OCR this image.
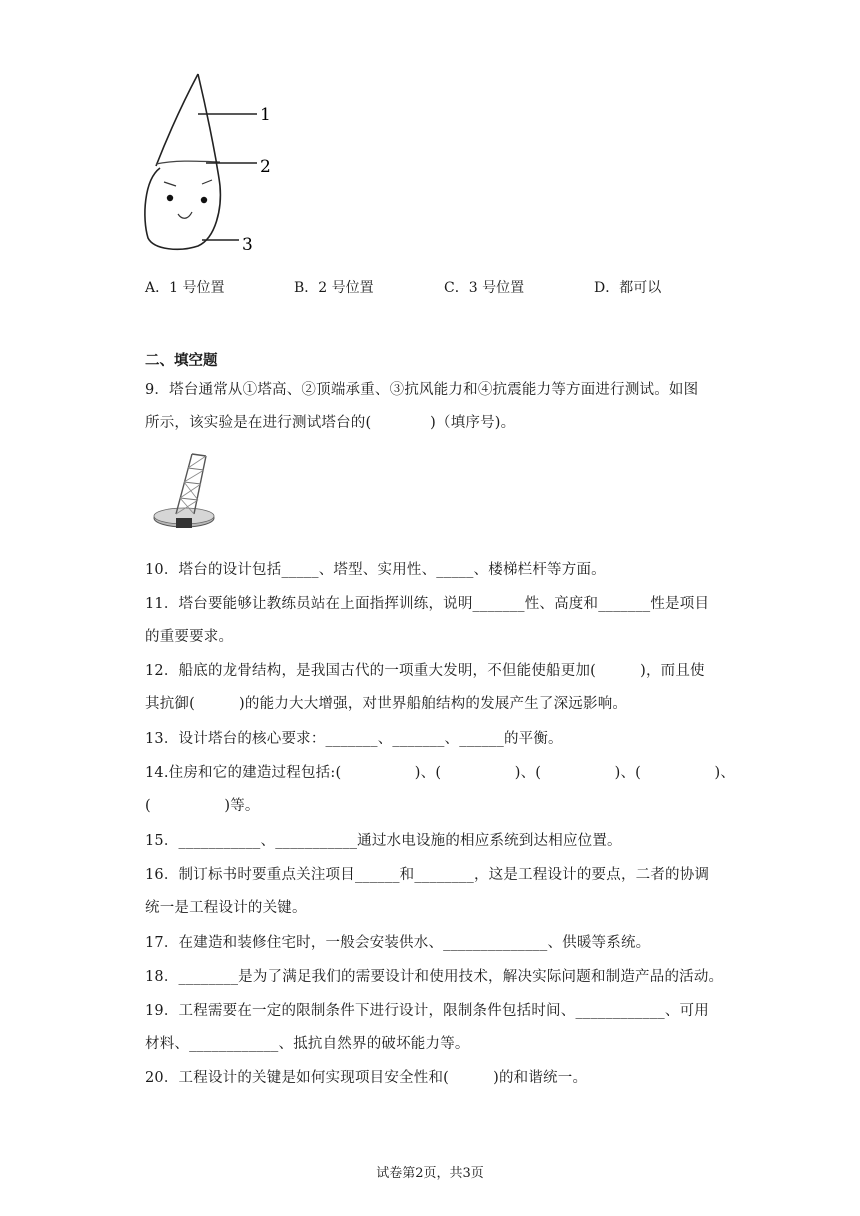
1
2
3
A．1 号位置	B．2 号位置	C．3 号位置	D．都可以
二、填空题
9．塔台通常从①塔高、②顶端承重、③抗风能力和④抗震能力等方面进行测试。如图
所示，该实验是在进行测试塔台的(　　　　)（填序号)。
10．塔台的设计包括_____、塔型、实用性、_____、楼梯栏杆等方面。
11．塔台要能够让教练员站在上面指挥训练，说明_______性、高度和_______性是项目
的重要要求。
12．船底的龙骨结构，是我国古代的一项重大发明，不但能使船更加(　　　)，而且使
其抗御(　　　)的能力大大增强，对世界船舶结构的发展产生了深远影响。
13．设计塔台的核心要求：_______、_______、______的平衡。
14.住房和它的建造过程包括:(　　　　　)、(　　　　　)、(　　　　　)、(　　　　　)、
(　　　　　)等。
15．___________、___________通过水电设施的相应系统到达相应位置。
16．制订标书时要重点关注项目______和________，这是工程设计的要点，二者的协调
统一是工程设计的关键。
17．在建造和装修住宅时，一般会安装供水、______________、供暖等系统。
18．________是为了满足我们的需要设计和使用技术，解决实际问题和制造产品的活动。
19．工程需要在一定的限制条件下进行设计，限制条件包括时间、____________、可用
材料、____________、抵抗自然界的破坏能力等。
20．工程设计的关键是如何实现项目安全性和(　　　)的和谐统一。
试卷第2页，共3页
